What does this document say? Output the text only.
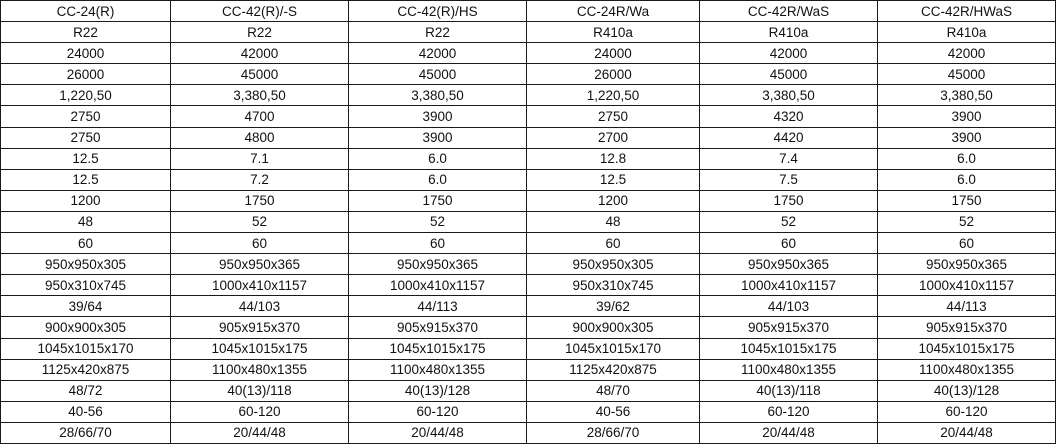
CC-24(R)	CC-42(R)/-S	CC-42(R)/HS	CC-24R/Wa	CC-42R/WaS	CC-42R/HWaS
R22	R22	R22	R410a	R410a	R410a
24000	42000	42000	24000	42000	42000
26000	45000	45000	26000	45000	45000
1,220,50	3,380,50	3,380,50	1,220,50	3,380,50	3,380,50
2750	4700	3900	2750	4320	3900
2750	4800	3900	2700	4420	3900
12.5	7.1	6.0	12.8	7.4	6.0
12.5	7.2	6.0	12.5	7.5	6.0
1200	1750	1750	1200	1750	1750
48	52	52	48	52	52
60	60	60	60	60	60
950x950x305	950x950x365	950x950x365	950x950x305	950x950x365	950x950x365
950x310x745	1000x410x1157	1000x410x1157	950x310x745	1000x410x1157	1000x410x1157
39/64	44/103	44/113	39/62	44/103	44/113
900x900x305	905x915x370	905x915x370	900x900x305	905x915x370	905x915x370
1045x1015x170	1045x1015x175	1045x1015x175	1045x1015x170	1045x1015x175	1045x1015x175
1125x420x875	1100x480x1355	1100x480x1355	1125x420x875	1100x480x1355	1100x480x1355
48/72	40(13)/118	40(13)/128	48/70	40(13)/118	40(13)/128
40-56	60-120	60-120	40-56	60-120	60-120
28/66/70	20/44/48	20/44/48	28/66/70	20/44/48	20/44/48
